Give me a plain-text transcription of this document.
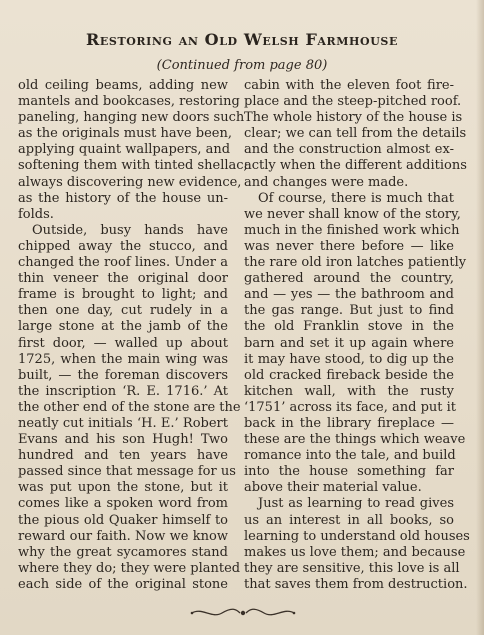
Restoring an Old Welsh Farmhouse
(Continued from page 80)
old ceiling beams, adding new
mantels and bookcases, restoring
paneling, hanging new doors such
as the originals must have been,
applying quaint wallpapers, and
softening them with tinted shellac;
always discovering new evidence,
as the history of the house un-
folds.
Outside, busy hands have
chipped away the stucco, and
changed the roof lines. Under a
thin veneer the original door
frame is brought to light; and
then one day, cut rudely in a
large stone at the jamb of the
first door, — walled up about
1725, when the main wing was
built, — the foreman discovers
the inscription ‘R. E. 1716.’ At
the other end of the stone are the
neatly cut initials ‘H. E.’ Robert
Evans and his son Hugh! Two
hundred and ten years have
passed since that message for us
was put upon the stone, but it
comes like a spoken word from
the pious old Quaker himself to
reward our faith. Now we know
why the great sycamores stand
where they do; they were planted
each side of the original stone
cabin with the eleven foot fire-
place and the steep-pitched roof.
The whole history of the house is
clear; we can tell from the details
and the construction almost ex-
actly when the different additions
and changes were made.
Of course, there is much that
we never shall know of the story,
much in the finished work which
was never there before — like
the rare old iron latches patiently
gathered around the country,
and — yes — the bathroom and
the gas range. But just to find
the old Franklin stove in the
barn and set it up again where
it may have stood, to dig up the
old cracked fireback beside the
kitchen wall, with the rusty
‘1751’ across its face, and put it
back in the library fireplace —
these are the things which weave
romance into the tale, and build
into the house something far
above their material value.
Just as learning to read gives
us an interest in all books, so
learning to understand old houses
makes us love them; and because
they are sensitive, this love is all
that saves them from destruction.
